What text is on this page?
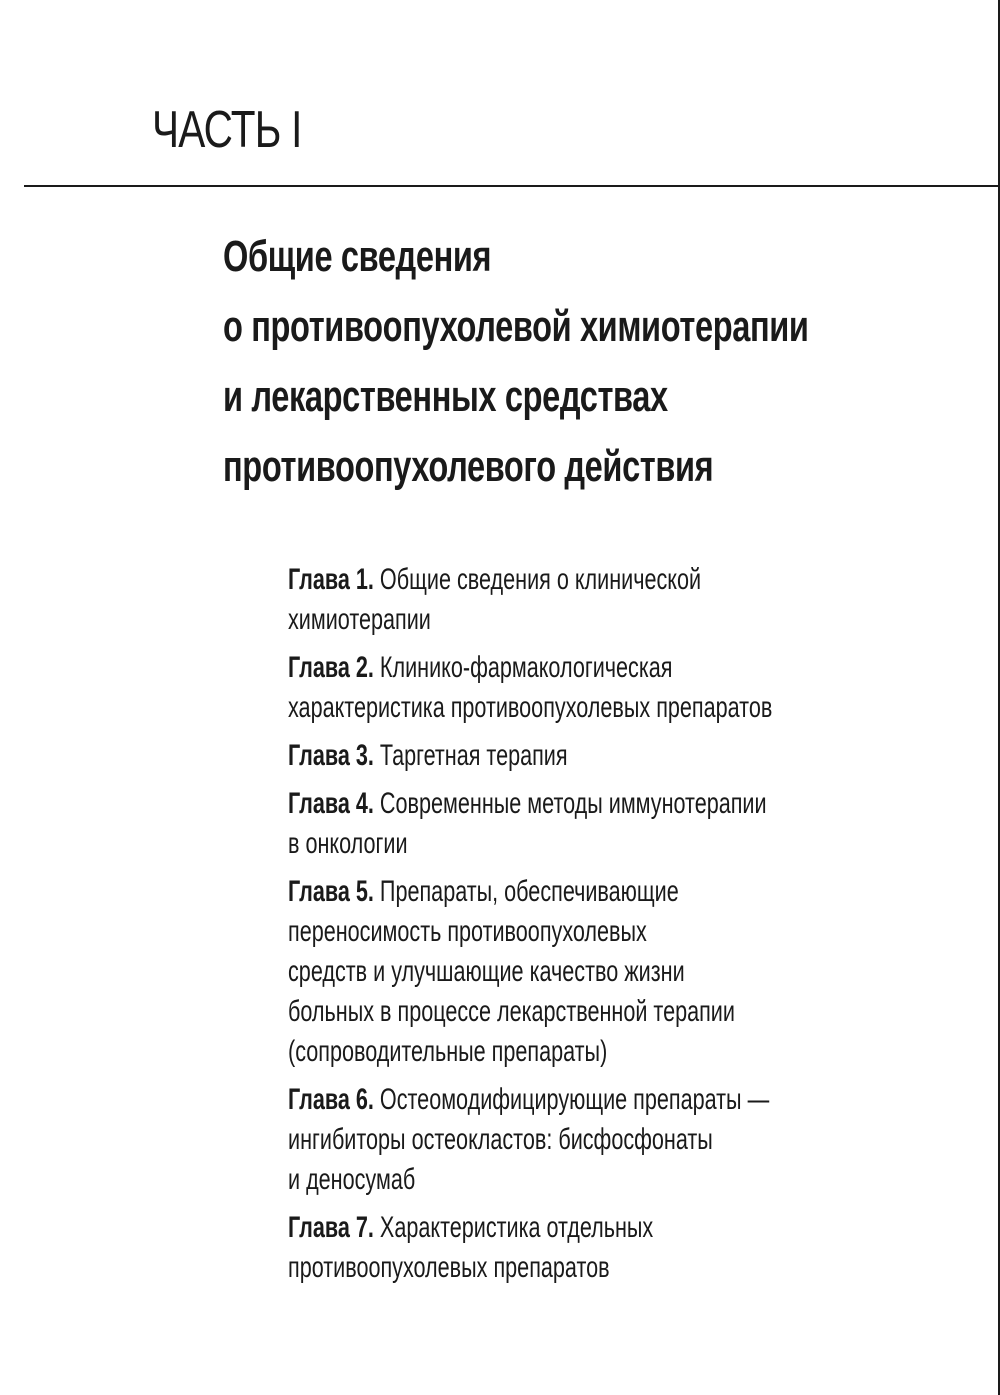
ЧАСТЬ I
Общие сведения
о противоопухолевой химиотерапии
и лекарственных средствах
противоопухолевого действия
Глава 1. Общие сведения о клинической
химиотерапии
Глава 2. Клинико-фармакологическая
характеристика противоопухолевых препаратов
Глава 3. Таргетная терапия
Глава 4. Современные методы иммунотерапии
в онкологии
Глава 5. Препараты, обеспечивающие
переносимость противоопухолевых
средств и улучшающие качество жизни
больных в процессе лекарственной терапии
(сопроводительные препараты)
Глава 6. Остеомодифицирующие препараты —
ингибиторы остеокластов: бисфосфонаты
и деносумаб
Глава 7. Характеристика отдельных
противоопухолевых препаратов
